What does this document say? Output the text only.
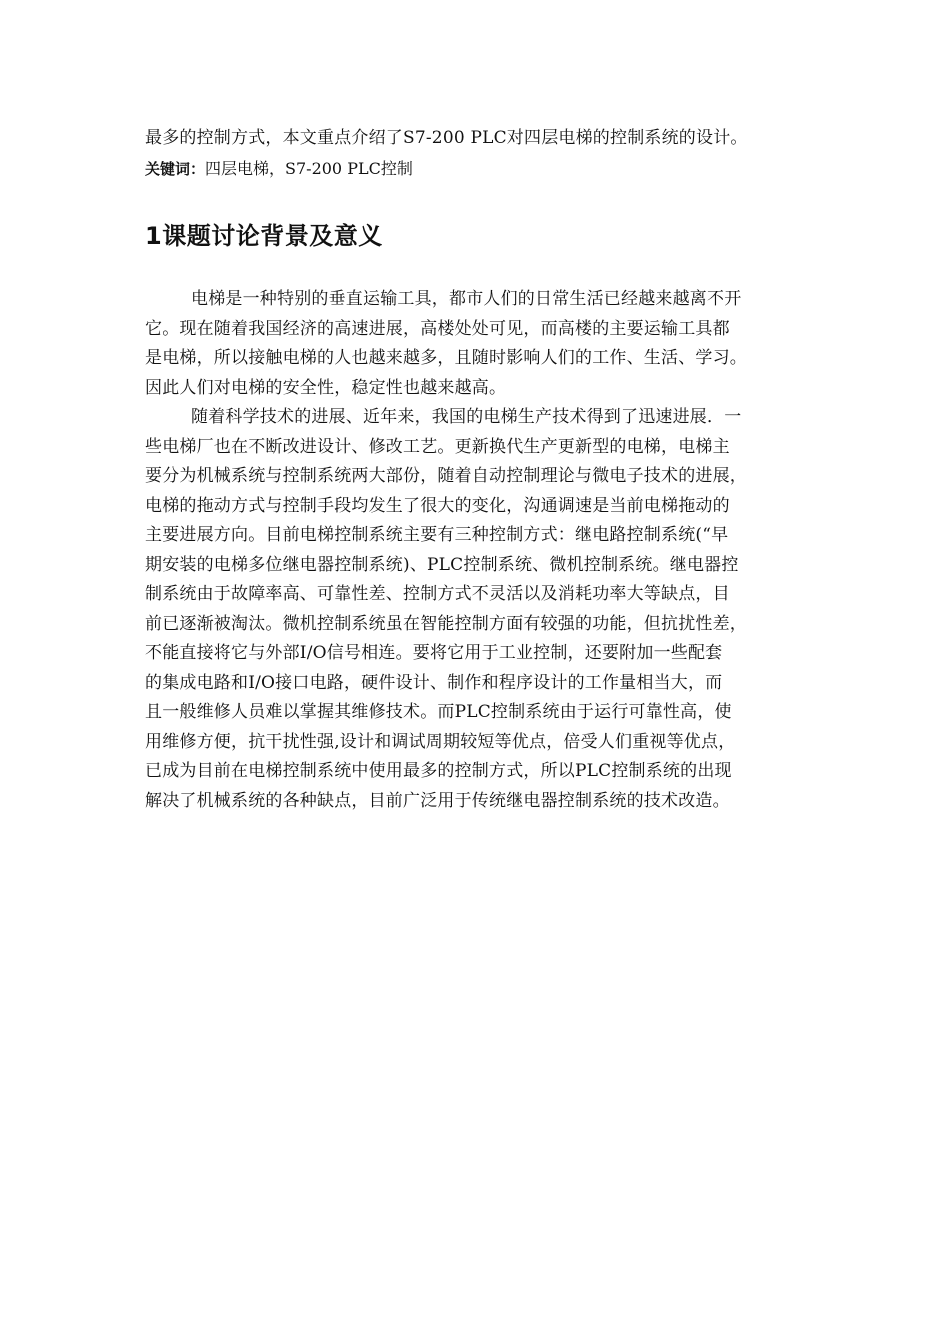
最多的控制方式，本文重点介绍了S7-200 PLC对四层电梯的控制系统的设计。
关键词：四层电梯，S7-200 PLC控制
1课题讨论背景及意义
电梯是一种特别的垂直运输工具，都市人们的日常生活已经越来越离不开
它。现在随着我国经济的高速进展，高楼处处可见，而高楼的主要运输工具都
是电梯，所以接触电梯的人也越来越多，且随时影响人们的工作、生活、学习。
因此人们对电梯的安全性，稳定性也越来越高。
随着科学技术的进展、近年来，我国的电梯生产技术得到了迅速进展．一
些电梯厂也在不断改进设计、修改工艺。更新换代生产更新型的电梯，电梯主
要分为机械系统与控制系统两大部份，随着自动控制理论与微电子技术的进展，
电梯的拖动方式与控制手段均发生了很大的变化，沟通调速是当前电梯拖动的
主要进展方向。目前电梯控制系统主要有三种控制方式：继电路控制系统(“早
期安装的电梯多位继电器控制系统)、PLC控制系统、微机控制系统。继电器控
制系统由于故障率高、可靠性差、控制方式不灵活以及消耗功率大等缺点，目
前已逐渐被淘汰。微机控制系统虽在智能控制方面有较强的功能，但抗扰性差，
不能直接将它与外部I/O信号相连。要将它用于工业控制，还要附加一些配套
的集成电路和I/O接口电路，硬件设计、制作和程序设计的工作量相当大，而
且一般维修人员难以掌握其维修技术。而PLC控制系统由于运行可靠性高，使
用维修方便，抗干扰性强,设计和调试周期较短等优点，倍受人们重视等优点，
已成为目前在电梯控制系统中使用最多的控制方式，所以PLC控制系统的出现
解决了机械系统的各种缺点，目前广泛用于传统继电器控制系统的技术改造。
